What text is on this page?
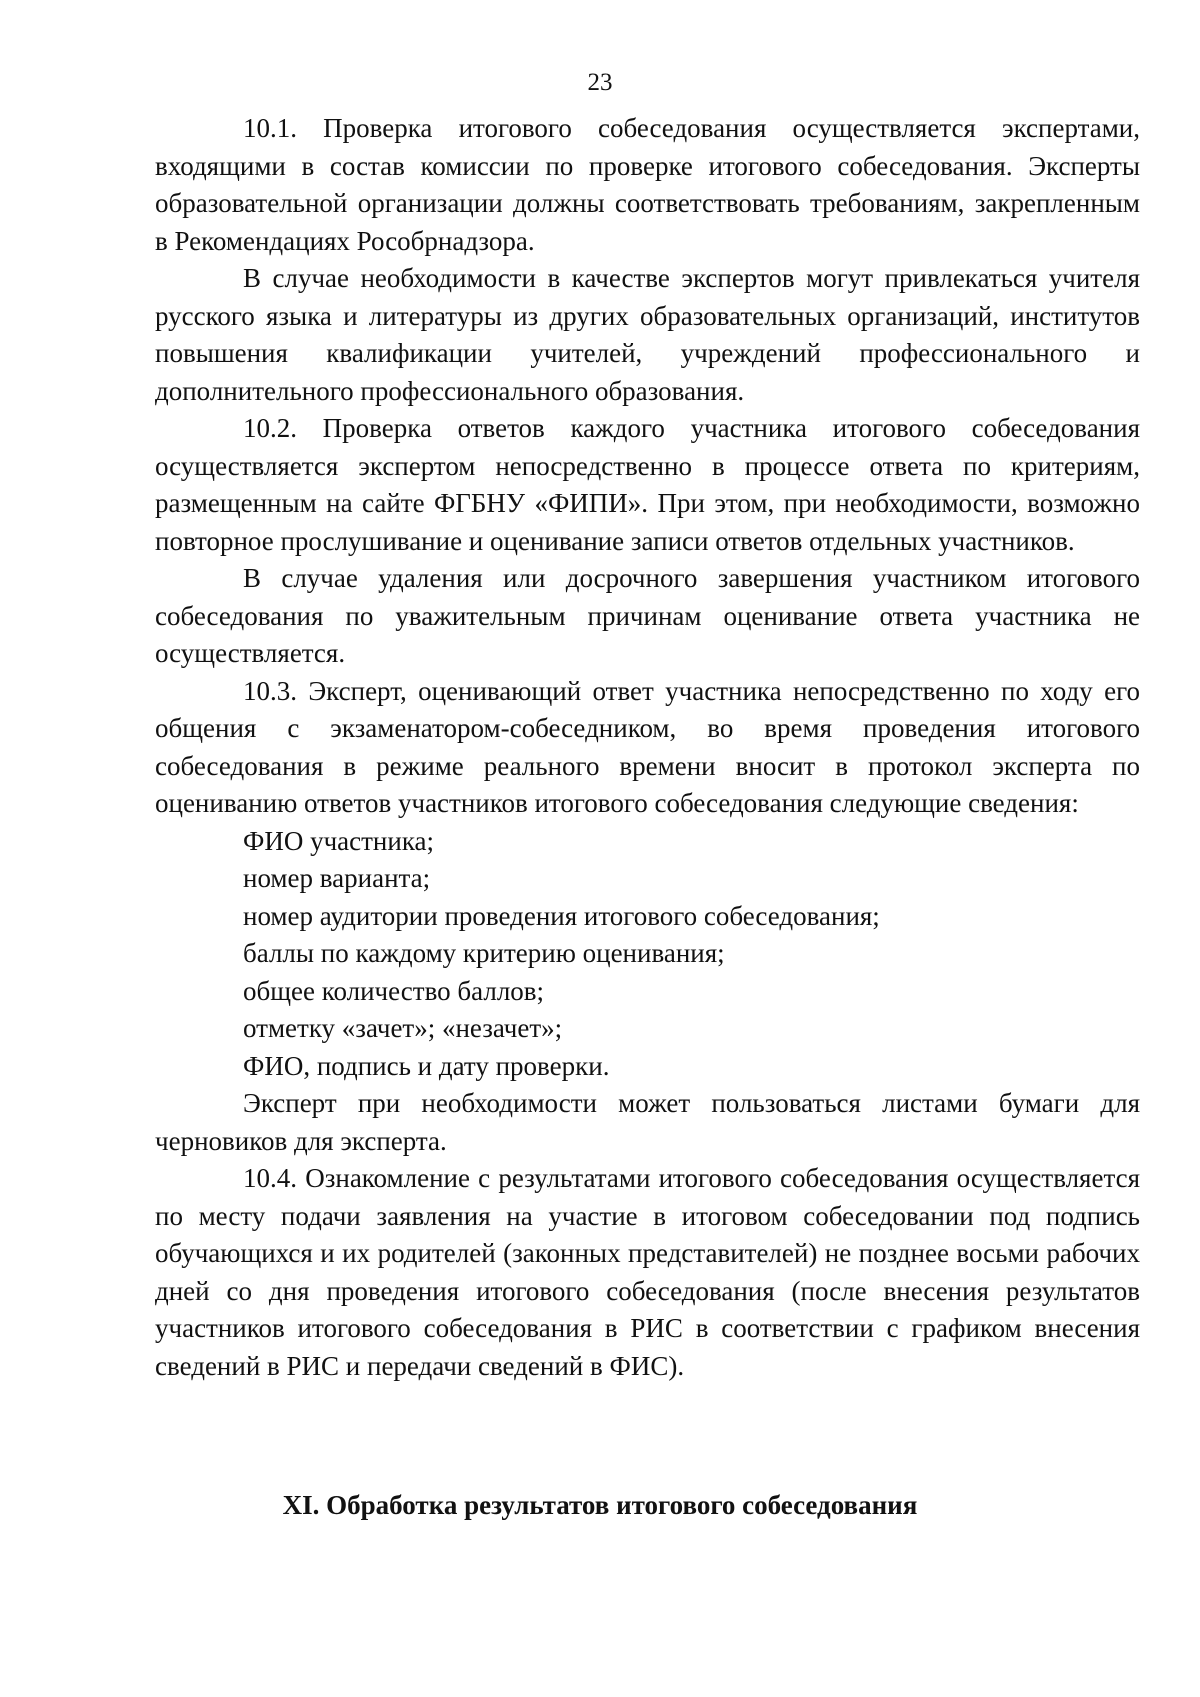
23

10.1. Проверка итогового собеседования осуществляется экспертами, входящими в состав комиссии по проверке итогового собеседования. Эксперты образовательной организации должны соответствовать требованиям, закрепленным в Рекомендациях Рособрнадзора.

В случае необходимости в качестве экспертов могут привлекаться учителя русского языка и литературы из других образовательных организаций, институтов повышения квалификации учителей, учреждений профессионального и дополнительного профессионального образования.

10.2. Проверка ответов каждого участника итогового собеседования осуществляется экспертом непосредственно в процессе ответа по критериям, размещенным на сайте ФГБНУ «ФИПИ». При этом, при необходимости, возможно повторное прослушивание и оценивание записи ответов отдельных участников.

В случае удаления или досрочного завершения участником итогового собеседования по уважительным причинам оценивание ответа участника не осуществляется.

10.3. Эксперт, оценивающий ответ участника непосредственно по ходу его общения с экзаменатором-собеседником, во время проведения итогового собеседования в режиме реального времени вносит в протокол эксперта по оцениванию ответов участников итогового собеседования следующие сведения:

ФИО участника;

номер варианта;

номер аудитории проведения итогового собеседования;

баллы по каждому критерию оценивания;

общее количество баллов;

отметку «зачет»; «незачет»;

ФИО, подпись и дату проверки.

Эксперт при необходимости может пользоваться листами бумаги для черновиков для эксперта.

10.4. Ознакомление с результатами итогового собеседования осуществляется по месту подачи заявления на участие в итоговом собеседовании под подпись обучающихся и их родителей (законных представителей) не позднее восьми рабочих дней со дня проведения итогового собеседования (после внесения результатов участников итогового собеседования в РИС в соответствии с графиком внесения сведений в РИС и передачи сведений в ФИС).

XI. Обработка результатов итогового собеседования
